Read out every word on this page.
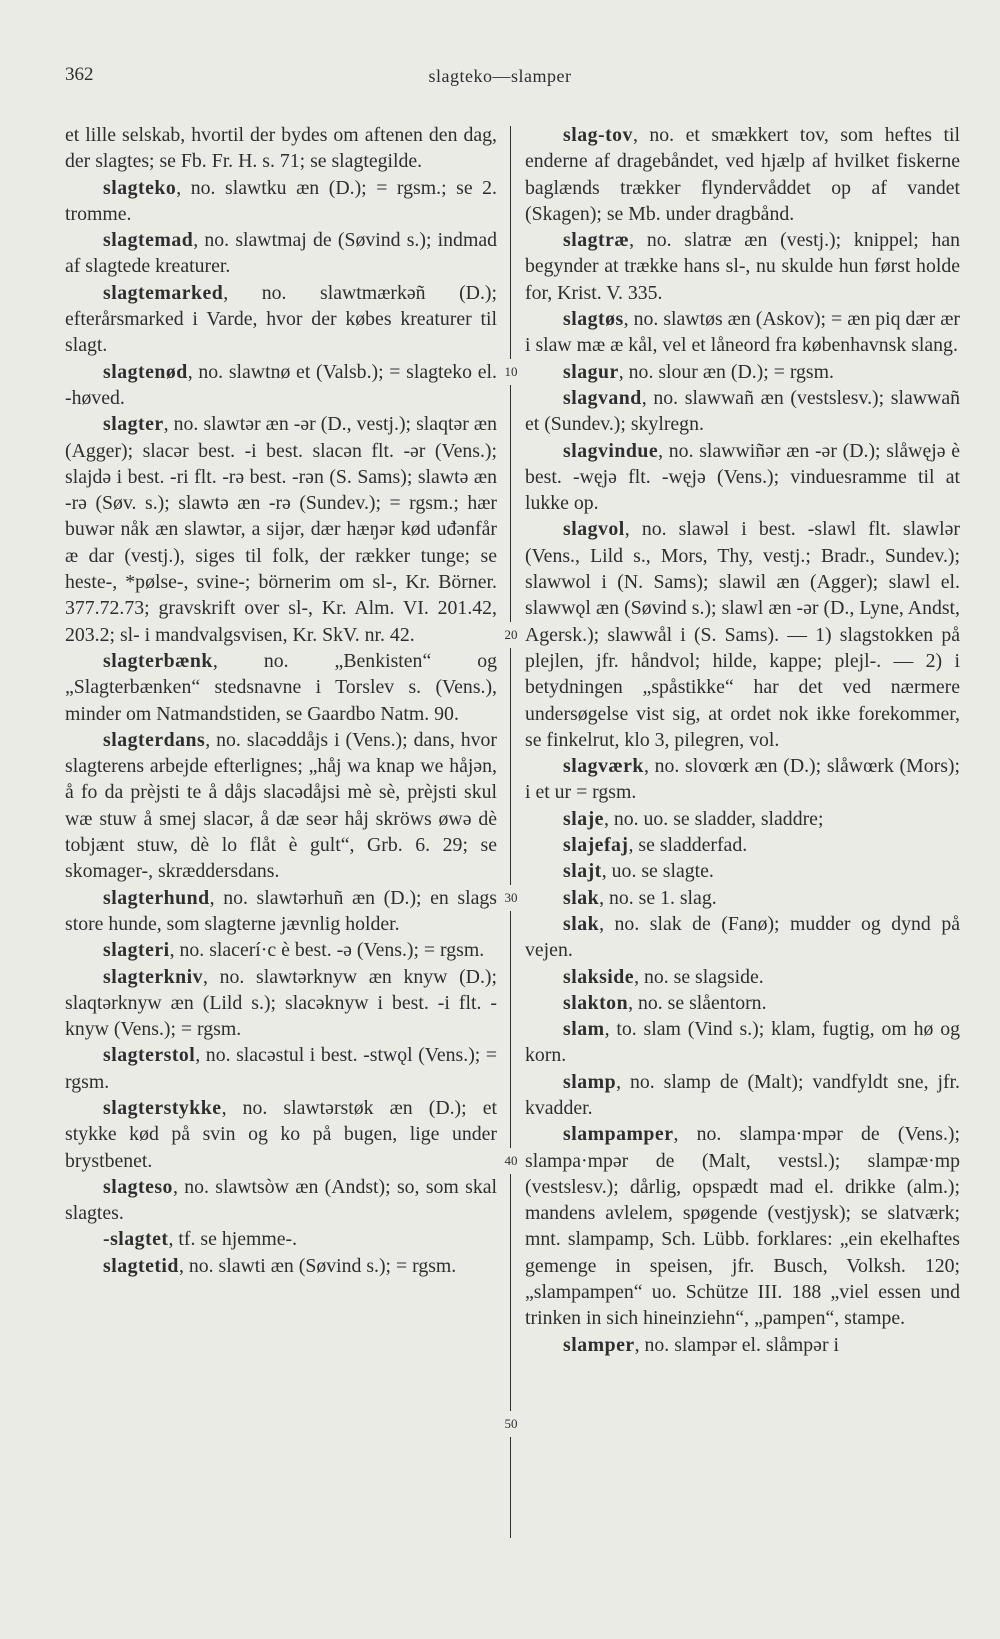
362	slagteko—slamper

et lille selskab, hvortil der bydes om aftenen den dag, der slagtes; se Fb. Fr. H. s. 71; se slagtegilde.

slagteko, no. slawtku æn (D.); = rgsm.; se 2. tromme.

slagtemad, no. slawtmaj de (Søvind s.); indmad af slagtede kreaturer.

slagtemarked, no. slawtmærkəñ (D.); efterårsmarked i Varde, hvor der købes kreaturer til slagt.

slagtenød, no. slawtnø et (Valsb.); = slagteko el. -høved.

slagter, no. slawtər æn -ər (D., vestj.); slaqtər æn (Agger); slacər best. -i best. slacən flt. -ər (Vens.); slajdə i best. -ri flt. -rə best. -rən (S. Sams); slawtə æn -rə (Søv. s.); slawtə æn -rə (Sundev.); = rgsm.; hær buwər nåk æn slawtər, a sijər, dær hæŋər kød uđənfår æ dar (vestj.), siges til folk, der rækker tunge; se heste-, *pølse-, svine-; börnerim om sl-, Kr. Börner. 377.72.73; gravskrift over sl-, Kr. Alm. VI. 201.42, 203.2; sl- i mandvalgsvisen, Kr. SkV. nr. 42.

slagterbænk, no. „Benkisten“ og „Slagterbænken“ stedsnavne i Torslev s. (Vens.), minder om Natmandstiden, se Gaardbo Natm. 90.

slagterdans, no. slacəddåjs i (Vens.); dans, hvor slagterens arbejde efterlignes; „håj wa knap we håjən, å fo da prèjsti te å dåjs slacədåjsi mè sè, prèjsti skul wæ stuw å smej slacər, å dæ seər håj skröws øwə dè tobjænt stuw, dè lo flåt è gult“, Grb. 6. 29; se skomager-, skræddersdans.

slagterhund, no. slawtərhuñ æn (D.); en slags store hunde, som slagterne jævnlig holder.

slagteri, no. slacerí·c è best. -ə (Vens.); = rgsm.

slagterkniv, no. slawtərknyw æn knyw (D.); slaqtərknyw æn (Lild s.); slacəknyw i best. -i flt. -knyw (Vens.); = rgsm.

slagterstol, no. slacəstul i best. -stwǫl (Vens.); = rgsm.

slagterstykke, no. slawtərstøk æn (D.); et stykke kød på svin og ko på bugen, lige under brystbenet.

slagteso, no. slawtsòw æn (Andst); so, som skal slagtes.

-slagtet, tf. se hjemme-.

slagtetid, no. slawti æn (Søvind s.); = rgsm.

10
20
30
40
50

slag-tov, no. et smækkert tov, som heftes til enderne af dragebåndet, ved hjælp af hvilket fiskerne baglænds trækker flyndervåddet op af vandet (Skagen); se Mb. under dragbånd.

slagtræ, no. slatræ æn (vestj.); knippel; han begynder at trække hans sl-, nu skulde hun først holde for, Krist. V. 335.

slagtøs, no. slawtøs æn (Askov); = æn piq dær ær i slaw mæ æ kål, vel et låneord fra københavnsk slang.

slagur, no. slour æn (D.); = rgsm.

slagvand, no. slawwañ æn (vestslesv.); slawwañ et (Sundev.); skylregn.

slagvindue, no. slawwiñər æn -ər (D.); slåwęjə è best. -węjə flt. -węjə (Vens.); vinduesramme til at lukke op.

slagvol, no. slawəl i best. -slawl flt. slawlər (Vens., Lild s., Mors, Thy, vestj.; Bradr., Sundev.); slawwol i (N. Sams); slawil æn (Agger); slawl el. slawwǫl æn (Søvind s.); slawl æn -ər (D., Lyne, Andst, Agersk.); slawwål i (S. Sams). — 1) slagstokken på plejlen, jfr. håndvol; hilde, kappe; plejl-. — 2) i betydningen „spåstikke“ har det ved nærmere undersøgelse vist sig, at ordet nok ikke forekommer, se finkelrut, klo 3, pilegren, vol.

slagværk, no. slovœrk æn (D.); slåwœrk (Mors); i et ur = rgsm.

slaje, no. uo. se sladder, sladdre;

slajefaj, se sladderfad.

slajt, uo. se slagte.

slak, no. se 1. slag.

slak, no. slak de (Fanø); mudder og dynd på vejen.

slakside, no. se slagside.

slakton, no. se slåentorn.

slam, to. slam (Vind s.); klam, fugtig, om hø og korn.

slamp, no. slamp de (Malt); vandfyldt sne, jfr. kvadder.

slampamper, no. slampa·mpər de (Vens.); slampa·mpər de (Malt, vestsl.); slampæ·mp (vestslesv.); dårlig, opspædt mad el. drikke (alm.); mandens avlelem, spøgende (vestjysk); se slatværk; mnt. slampamp, Sch. Lübb. forklares: „ein ekelhaftes gemenge in speisen, jfr. Busch, Volksh. 120; „slampampen“ uo. Schütze III. 188 „viel essen und trinken in sich hineinziehn“, „pampen“, stampe.

slamper, no. slampər el. slåmpər i
